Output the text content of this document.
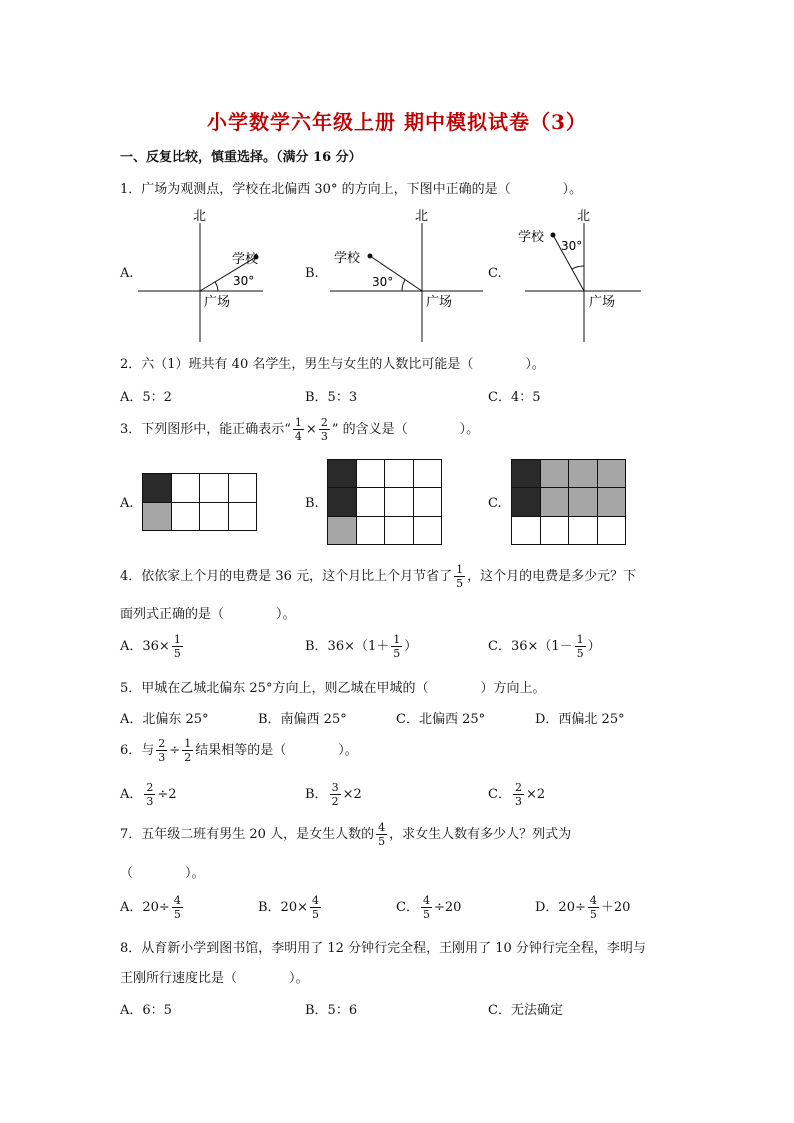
小学数学六年级上册 期中模拟试卷（3）
一、反复比较，慎重选择。（满分 16 分）
1．广场为观测点，学校在北偏西 30° 的方向上，下图中正确的是（　　　　）。
A.	B.	C.
北
学校
30°
广场
北
学校
30°
广场
北
学校
30°
广场
2．六（1）班共有 40 名学生，男生与女生的人数比可能是（　　　　）。
A．5：2	B．5：3	C．4：5
3．下列图形中，能正确表示“ $\frac{1}{4} \times \frac{2}{3}$ ” 的含义是（　　　　）。
A.	B.	C.

4．依依家上个月的电费是 36 元，这个月比上个月节省了 $\frac{1}{5}$ ，这个月的电费是多少元？下
面列式正确的是（　　　　）。
A．$36\times \frac{1}{5}$	B．$36\times(1+ \frac{1}{5}$ ）	C．$36\times(1- \frac{1}{5}$ ）
5．甲城在乙城北偏东 25°方向上，则乙城在甲城的（　　　　）方向上。
A．北偏东 25°	B．南偏西 25°	C．北偏西 25°	D．西偏北 25°
6．与 $\frac{2}{3} \div \frac{1}{2}$ 结果相等的是（　　　　）。
A． $\frac{2}{3} \div 2$	B． $\frac{3}{2} \times 2$	C． $\frac{2}{3} \times 2$
7．五年级二班有男生 20 人，是女生人数的 $\frac{4}{5}$ ，求女生人数有多少人？列式为
（　　　　）。
A．$20\div \frac{4}{5}$	B．$20\times \frac{4}{5}$	C． $\frac{4}{5} \div 20$	D．$20\div \frac{4}{5} +20$
8．从育新小学到图书馆，李明用了 12 分钟行完全程，王刚用了 10 分钟行完全程，李明与
王刚所行速度比是（　　　　）。
A．6：5	B．5：6	C．无法确定
